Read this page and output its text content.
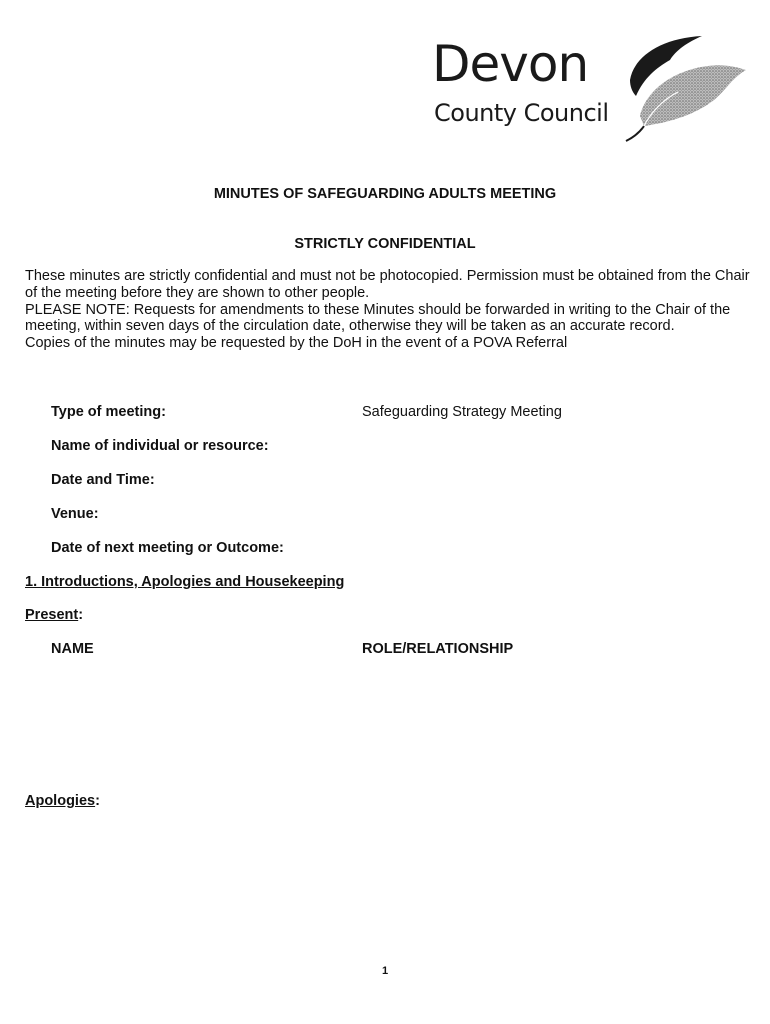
Devon
County Council
MINUTES OF SAFEGUARDING ADULTS MEETING
STRICTLY CONFIDENTIAL

These minutes are strictly confidential and must not be photocopied. Permission must be obtained from the Chair of the meeting before they are shown to other people.

PLEASE NOTE: Requests for amendments to these Minutes should be forwarded in writing to the Chair of the meeting, within seven days of the circulation date, otherwise they will be taken as an accurate record.

Copies of the minutes may be requested by the DoH in the event of a POVA Referral

Type of meeting:	Safeguarding Strategy Meeting
Name of individual or resource:
Date and Time:
Venue:
Date of next meeting or Outcome:
1. Introductions, Apologies and Housekeeping
Present:
NAME	ROLE/RELATIONSHIP
Apologies:
1
